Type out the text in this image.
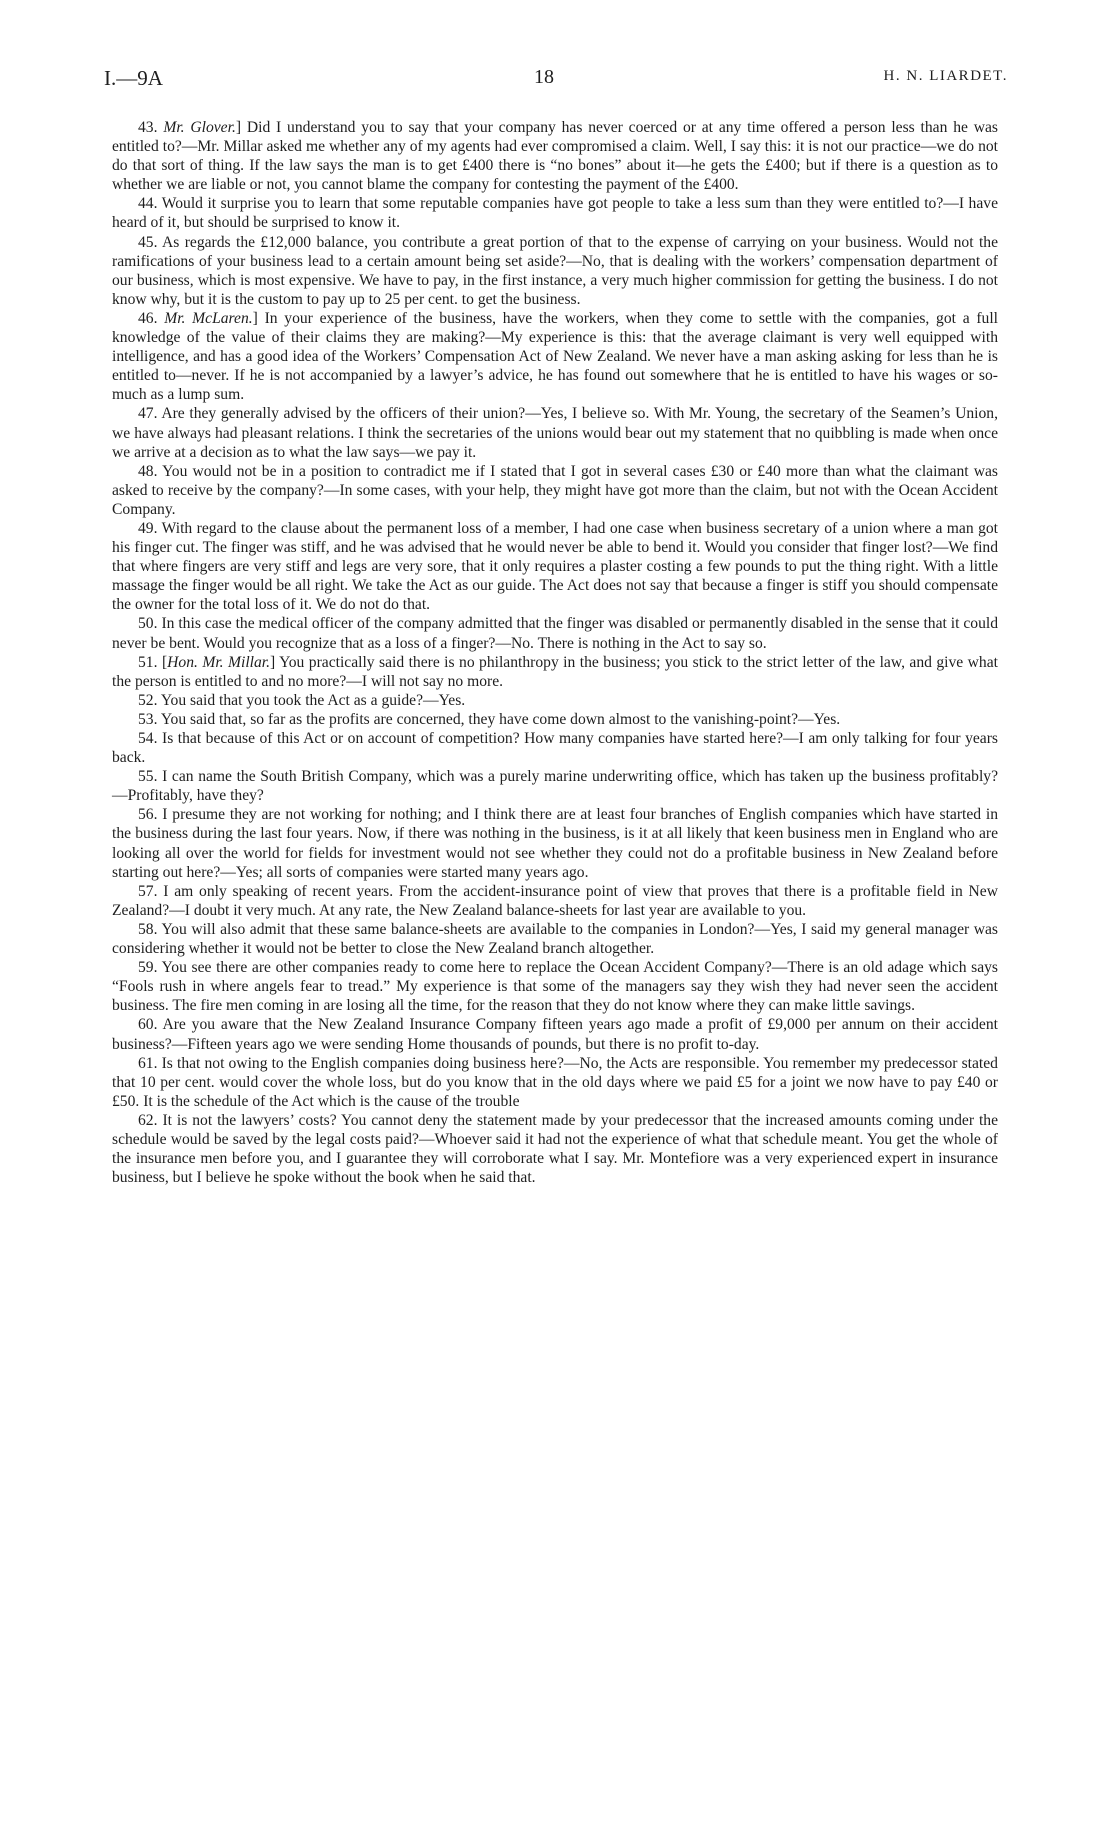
I.—9A	18	H. N. LIARDET.

43. Mr. Glover.] Did I understand you to say that your company has never coerced or at any time offered a person less than he was entitled to?—Mr. Millar asked me whether any of my agents had ever compromised a claim. Well, I say this: it is not our practice—we do not do that sort of thing. If the law says the man is to get £400 there is “no bones” about it—he gets the £400; but if there is a question as to whether we are liable or not, you cannot blame the company for contesting the payment of the £400.

44. Would it surprise you to learn that some reputable companies have got people to take a less sum than they were entitled to?—I have heard of it, but should be surprised to know it.

45. As regards the £12,000 balance, you contribute a great portion of that to the expense of carrying on your business. Would not the ramifications of your business lead to a certain amount being set aside?—No, that is dealing with the workers’ compensation department of our business, which is most expensive. We have to pay, in the first instance, a very much higher commission for getting the business. I do not know why, but it is the custom to pay up to 25 per cent. to get the business.

46. Mr. McLaren.] In your experience of the business, have the workers, when they come to settle with the companies, got a full knowledge of the value of their claims they are making?—My experience is this: that the average claimant is very well equipped with intelligence, and has a good idea of the Workers’ Compensation Act of New Zealand. We never have a man asking asking for less than he is entitled to—never. If he is not accompanied by a lawyer’s advice, he has found out somewhere that he is entitled to have his wages or so-much as a lump sum.

47. Are they generally advised by the officers of their union?—Yes, I believe so. With Mr. Young, the secretary of the Seamen’s Union, we have always had pleasant relations. I think the secretaries of the unions would bear out my statement that no quibbling is made when once we arrive at a decision as to what the law says—we pay it.

48. You would not be in a position to contradict me if I stated that I got in several cases £30 or £40 more than what the claimant was asked to receive by the company?—In some cases, with your help, they might have got more than the claim, but not with the Ocean Accident Company.

49. With regard to the clause about the permanent loss of a member, I had one case when business secretary of a union where a man got his finger cut. The finger was stiff, and he was advised that he would never be able to bend it. Would you consider that finger lost?—We find that where fingers are very stiff and legs are very sore, that it only requires a plaster costing a few pounds to put the thing right. With a little massage the finger would be all right. We take the Act as our guide. The Act does not say that because a finger is stiff you should compensate the owner for the total loss of it. We do not do that.

50. In this case the medical officer of the company admitted that the finger was disabled or permanently disabled in the sense that it could never be bent. Would you recognize that as a loss of a finger?—No. There is nothing in the Act to say so.

51. [Hon. Mr. Millar.] You practically said there is no philanthropy in the business; you stick to the strict letter of the law, and give what the person is entitled to and no more?—I will not say no more.

52. You said that you took the Act as a guide?—Yes.

53. You said that, so far as the profits are concerned, they have come down almost to the vanishing-point?—Yes.

54. Is that because of this Act or on account of competition? How many companies have started here?—I am only talking for four years back.

55. I can name the South British Company, which was a purely marine underwriting office, which has taken up the business profitably?—Profitably, have they?

56. I presume they are not working for nothing; and I think there are at least four branches of English companies which have started in the business during the last four years. Now, if there was nothing in the business, is it at all likely that keen business men in England who are looking all over the world for fields for investment would not see whether they could not do a profitable business in New Zealand before starting out here?—Yes; all sorts of companies were started many years ago.

57. I am only speaking of recent years. From the accident-insurance point of view that proves that there is a profitable field in New Zealand?—I doubt it very much. At any rate, the New Zealand balance-sheets for last year are available to you.

58. You will also admit that these same balance-sheets are available to the companies in London?—Yes, I said my general manager was considering whether it would not be better to close the New Zealand branch altogether.

59. You see there are other companies ready to come here to replace the Ocean Accident Company?—There is an old adage which says “Fools rush in where angels fear to tread.” My experience is that some of the managers say they wish they had never seen the accident business. The fire men coming in are losing all the time, for the reason that they do not know where they can make little savings.

60. Are you aware that the New Zealand Insurance Company fifteen years ago made a profit of £9,000 per annum on their accident business?—Fifteen years ago we were sending Home thousands of pounds, but there is no profit to-day.

61. Is that not owing to the English companies doing business here?—No, the Acts are responsible. You remember my predecessor stated that 10 per cent. would cover the whole loss, but do you know that in the old days where we paid £5 for a joint we now have to pay £40 or £50. It is the schedule of the Act which is the cause of the trouble

62. It is not the lawyers’ costs? You cannot deny the statement made by your predecessor that the increased amounts coming under the schedule would be saved by the legal costs paid?—Whoever said it had not the experience of what that schedule meant. You get the whole of the insurance men before you, and I guarantee they will corroborate what I say. Mr. Montefiore was a very experienced expert in insurance business, but I believe he spoke without the book when he said that.
